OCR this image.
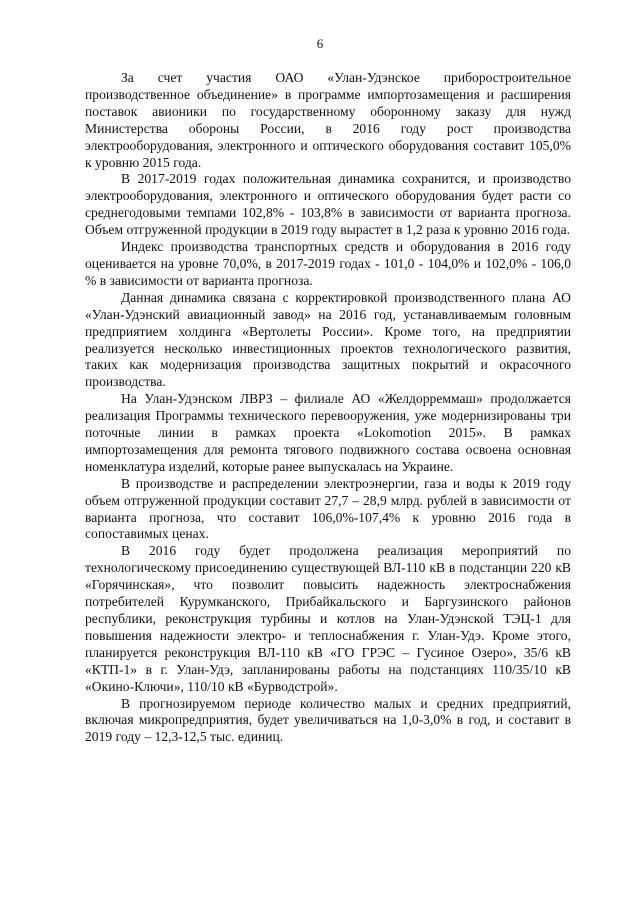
6

За счет участия ОАО «Улан-Удэнское приборостроительное производственное объединение» в программе импортозамещения и расширения поставок авионики по государственному оборонному заказу для нужд Министерства обороны России, в 2016 году рост производства электрооборудования, электронного и оптического оборудования составит 105,0% к уровню 2015 года.

В 2017-2019 годах положительная динамика сохранится, и производство электрооборудования, электронного и оптического оборудования будет расти со среднегодовыми темпами 102,8% - 103,8% в зависимости от варианта прогноза. Объем отгруженной продукции в 2019 году вырастет в 1,2 раза к уровню 2016 года.

Индекс производства транспортных средств и оборудования в 2016 году оценивается на уровне 70,0%, в 2017-2019 годах - 101,0 - 104,0% и 102,0% - 106,0 % в зависимости от варианта прогноза.

Данная динамика связана с корректировкой производственного плана АО «Улан-Удэнский авиационный завод» на 2016 год, устанавливаемым головным предприятием холдинга «Вертолеты России». Кроме того, на предприятии реализуется несколько инвестиционных проектов технологического развития, таких как модернизация производства защитных покрытий и окрасочного производства.

На Улан-Удэнском ЛВРЗ – филиале АО «Желдорреммаш» продолжается реализация Программы технического перевооружения, уже модернизированы три поточные линии в рамках проекта «Lokomotion 2015». В рамках импортозамещения для ремонта тягового подвижного состава освоена основная номенклатура изделий, которые ранее выпускалась на Украине.

В производстве и распределении электроэнергии, газа и воды к 2019 году объем отгруженной продукции составит 27,7 – 28,9 млрд. рублей в зависимости от варианта прогноза, что составит 106,0%-107,4% к уровню 2016 года в сопоставимых ценах.

В 2016 году будет продолжена реализация мероприятий по технологическому присоединению существующей ВЛ-110 кВ в подстанции 220 кВ «Горячинская», что позволит повысить надежность электроснабжения потребителей Курумканского, Прибайкальского и Баргузинского районов республики, реконструкция турбины и котлов на Улан-Удэнской ТЭЦ-1 для повышения надежности электро- и теплоснабжения г. Улан-Удэ. Кроме этого, планируется реконструкция ВЛ-110 кВ «ГО ГРЭС – Гусиное Озеро», 35/6 кВ «КТП-1» в г. Улан-Удэ, запланированы работы на подстанциях 110/35/10 кВ «Окино-Ключи», 110/10 кВ «Бурводстрой».

В прогнозируемом периоде количество малых и средних предприятий, включая микропредприятия, будет увеличиваться на 1,0-3,0% в год, и составит в 2019 году – 12,3-12,5 тыс. единиц.
